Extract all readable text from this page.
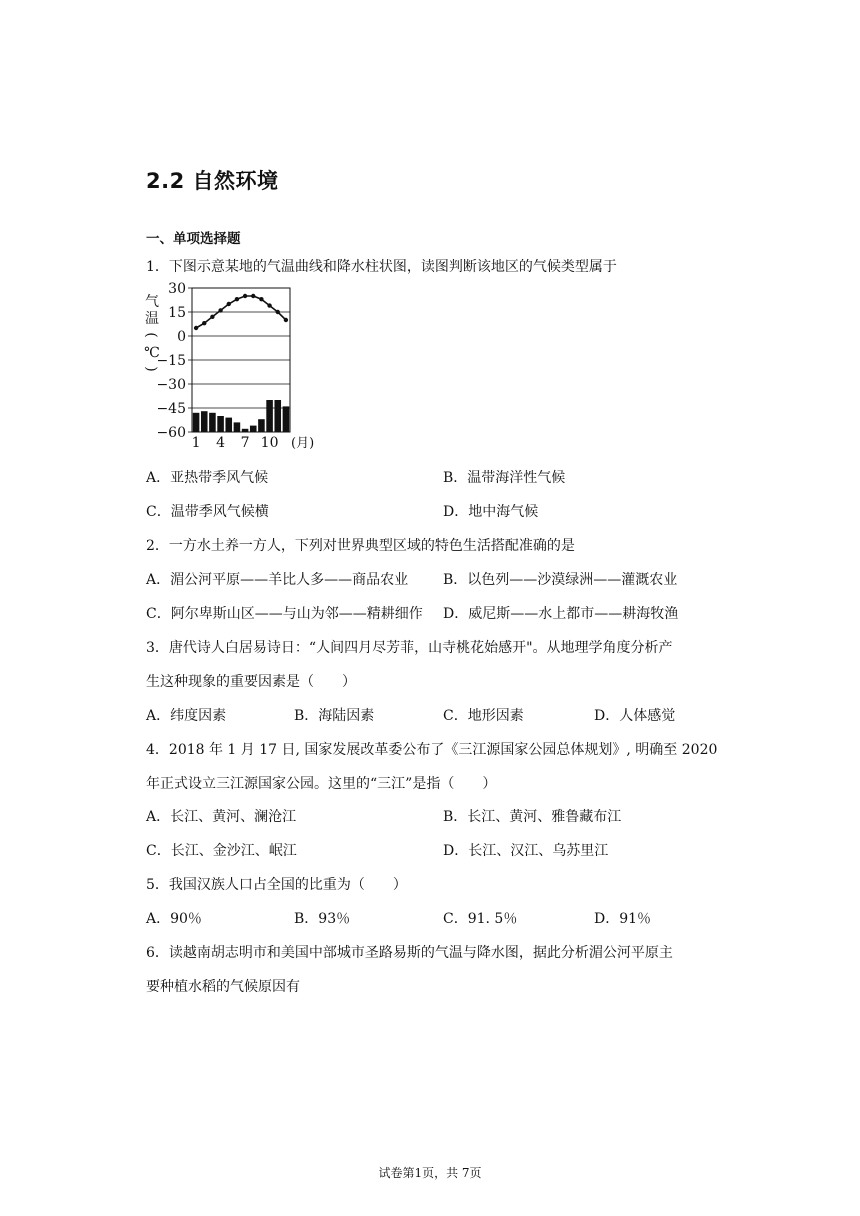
2.2 自然环境
一、单项选择题
1．下图示意某地的气温曲线和降水柱状图，读图判断该地区的气候类型属于
气
温
(
℃
)
30
15
0
−15
−30
−45
−60
1 4 7 10 (月)
A．亚热带季风气候	B．温带海洋性气候
C．温带季风气候横	D．地中海气候
2．一方水土养一方人，下列对世界典型区域的特色生活搭配准确的是
A．湄公河平原——羊比人多——商品农业 B．以色列——沙漠绿洲——灌溉农业
C．阿尔卑斯山区——与山为邻——精耕细作 D．威尼斯——水上都市——耕海牧渔
3．唐代诗人白居易诗日：“人间四月尽芳菲，山寺桃花始感开"。从地理学角度分析产
生这种现象的重要因素是（　　）
A．纬度因素	B．海陆因素	C．地形因素	D．人体感觉
4．2018 年 1 月 17 日, 国家发展改革委公布了《三江源国家公园总体规划》, 明确至 2020
年正式设立三江源国家公园。这里的“三江”是指（　　）
A．长江、黄河、澜沧江	B．长江、黄河、雅鲁藏布江
C．长江、金沙江、岷江	D．长江、汉江、乌苏里江
5．我国汉族人口占全国的比重为（　　）
A．90％	B．93％	C．91. 5％	D．91％
6．读越南胡志明市和美国中部城市圣路易斯的气温与降水图，据此分析湄公河平原主
要种植水稻的气候原因有
试卷第1页，共 7页
